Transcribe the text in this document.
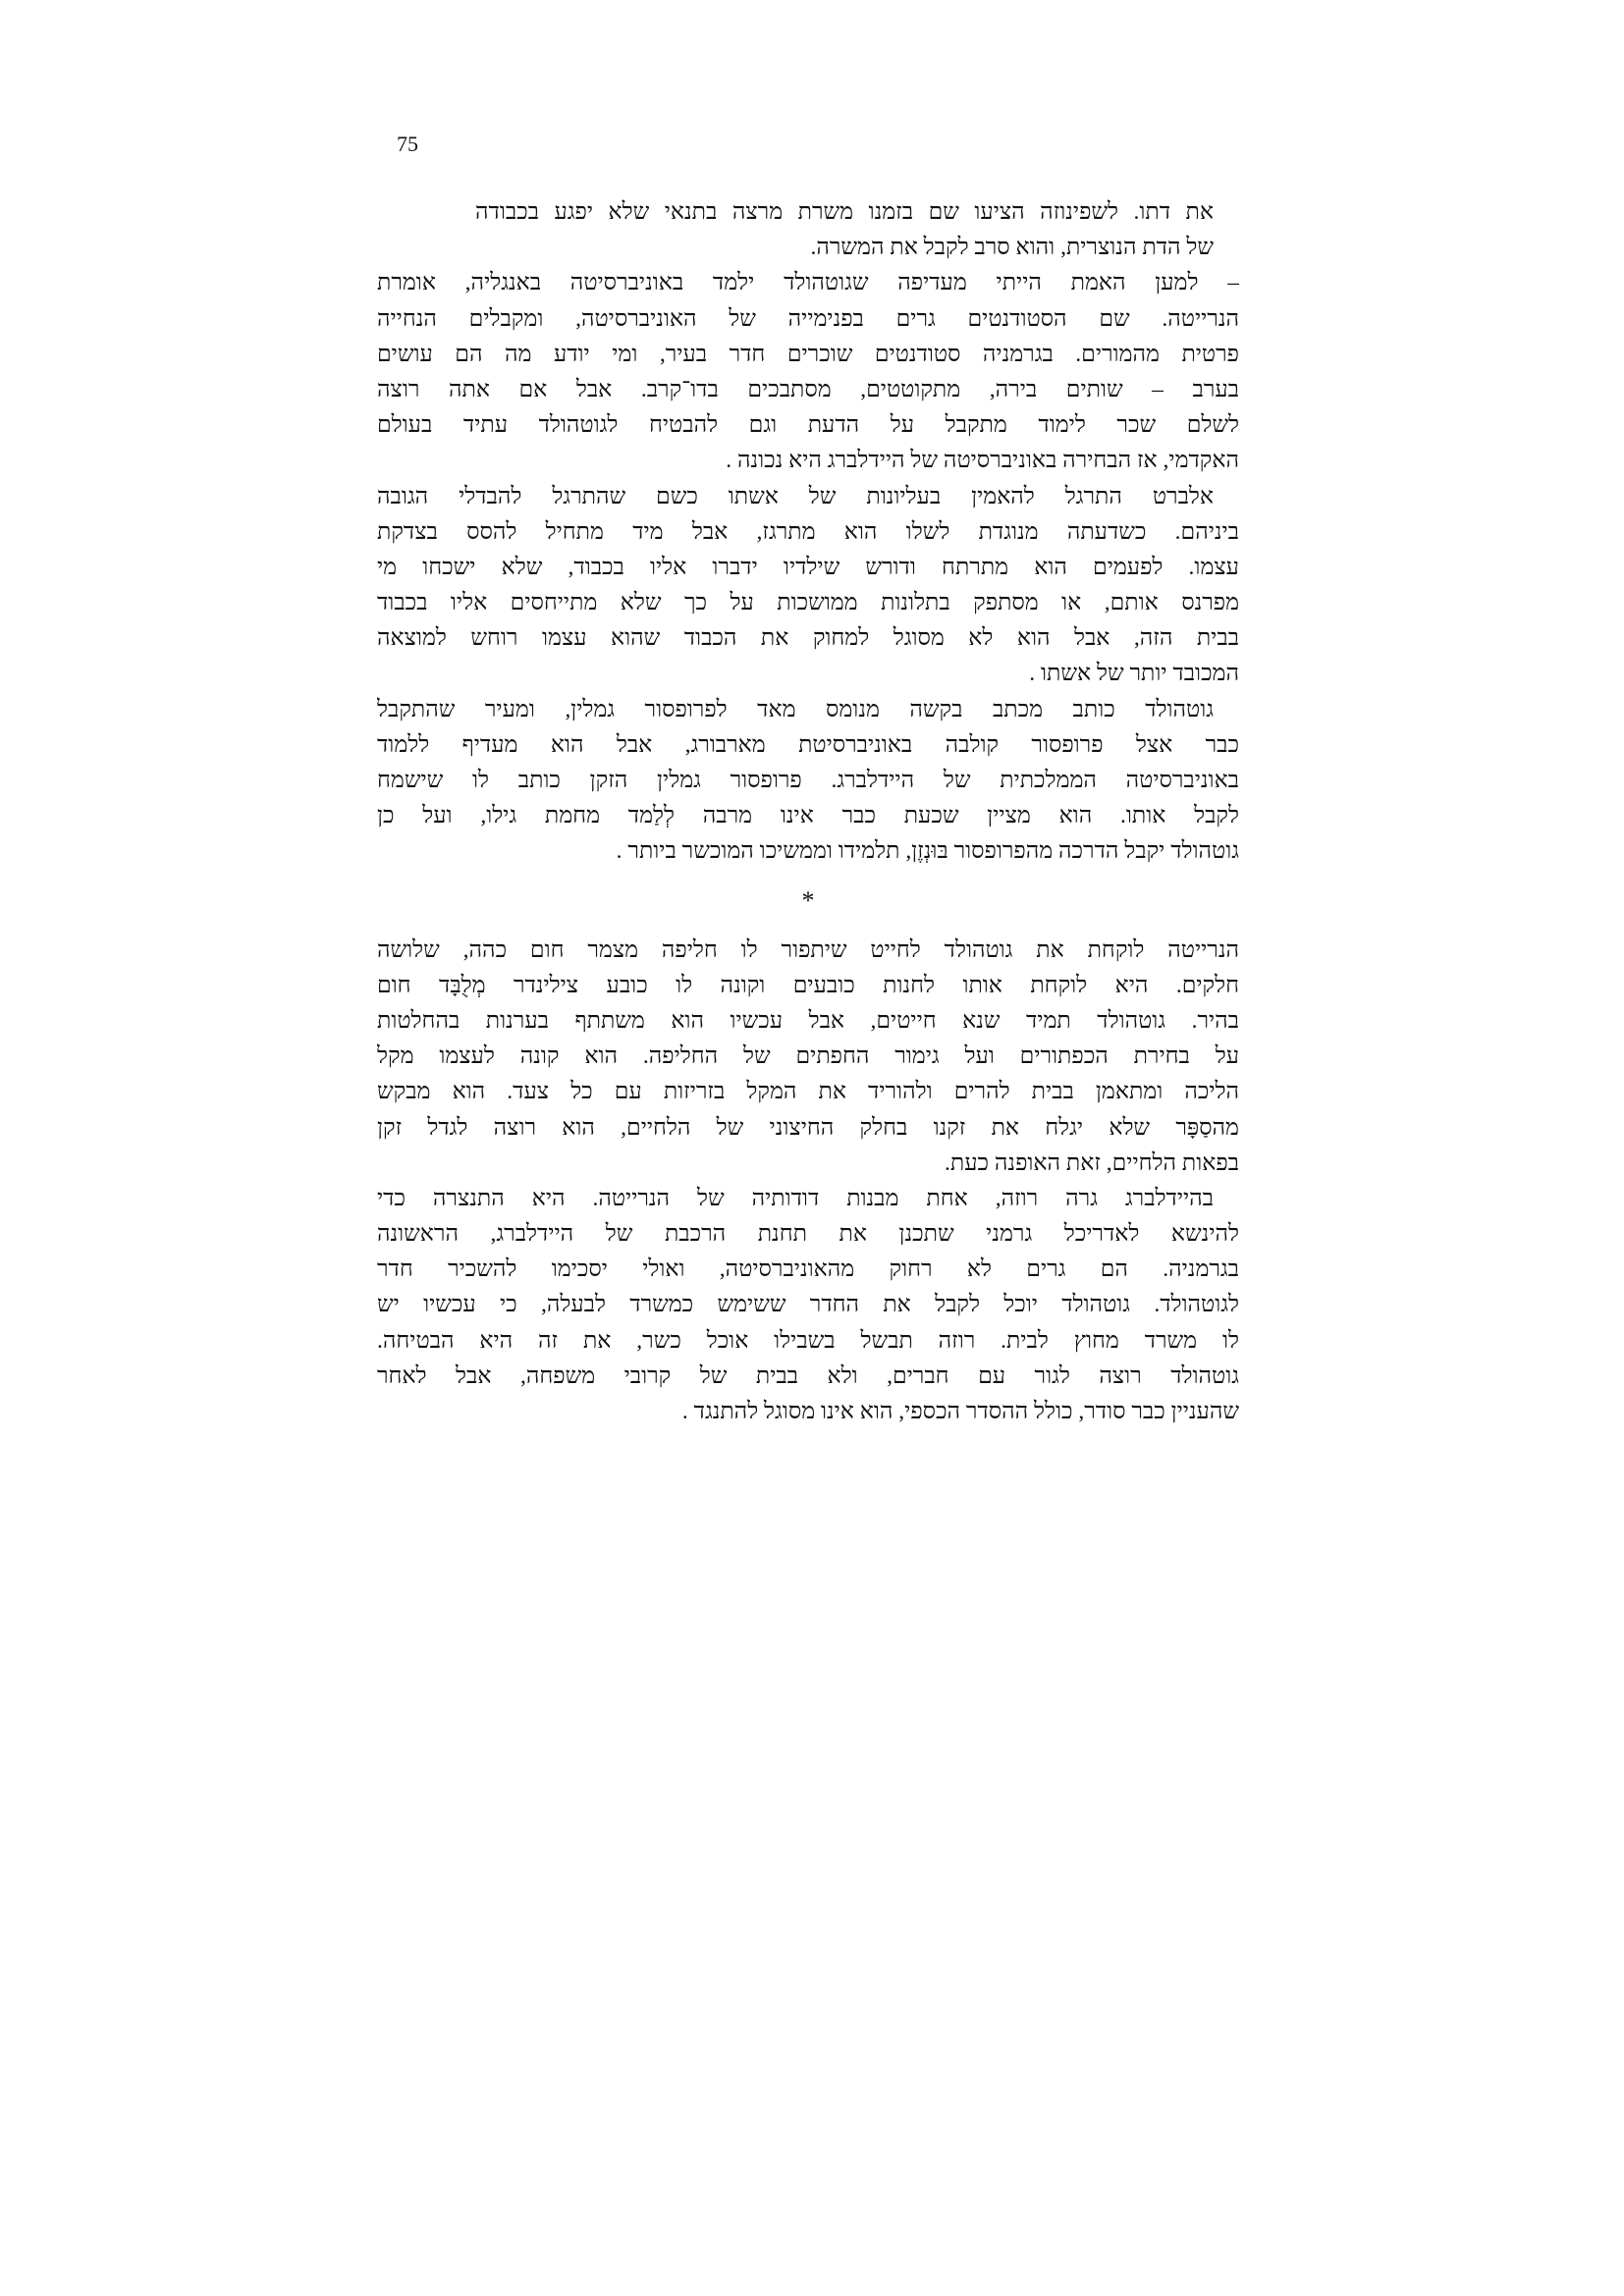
75
את דתו. לשפינוזה הציעו שם בזמנו משרת מרצה בתנאי שלא יפגע בכבודה
של הדת הנוצרית, והוא סרב לקבל את המשרה.
– למען האמת הייתי מעדיפה שגוטהולד ילמד באוניברסיטה באנגליה, אומרת
הנרייטה. שם הסטודנטים גרים בפנימייה של האוניברסיטה, ומקבלים הנחייה
פרטית מהמורים. בגרמניה סטודנטים שוכרים חדר בעיר, ומי יודע מה הם עושים
בערב – שותים בירה, מתקוטטים, מסתבכים בדו־קרב. אבל אם אתה רוצה
לשלם שכר לימוד מתקבל על הדעת וגם להבטיח לגוטהולד עתיד בעולם
האקדמי, אז הבחירה באוניברסיטה של היידלברג היא נכונה .
אלברט התרגל להאמין בעליונות של אשתו כשם שהתרגל להבדלי הגובה
ביניהם. כשדעתה מנוגדת לשלו הוא מתרגז, אבל מיד מתחיל להסס בצדקת
עצמו. לפעמים הוא מתרתח ודורש שילדיו ידברו אליו בכבוד, שלא ישכחו מי
מפרנס אותם, או מסתפק בתלונות ממושכות על כך שלא מתייחסים אליו בכבוד
בבית הזה, אבל הוא לא מסוגל למחוק את הכבוד שהוא עצמו רוחש למוצאה
המכובד יותר של אשתו .
גוטהולד כותב מכתב בקשה מנומס מאד לפרופסור גמלין, ומעיר שהתקבל
כבר אצל פרופסור קולבה באוניברסיטת מארבורג, אבל הוא מעדיף ללמוד
באוניברסיטה הממלכתית של היידלברג. פרופסור גמלין הזקן כותב לו שישמח
לקבל אותו. הוא מציין שכעת כבר אינו מרבה לְלַמד מחמת גילו, ועל כן
גוטהולד יקבל הדרכה מהפרופסור בּוּנְזֶן, תלמידו וממשיכו המוכשר ביותר .
*
הנרייטה לוקחת את גוטהולד לחייט שיתפור לו חליפה מצמר חום כהה, שלושה
חלקים. היא לוקחת אותו לחנות כובעים וקונה לו כובע צילינדר מְלֻבָּד חום
בהיר. גוטהולד תמיד שנא חייטים, אבל עכשיו הוא משתתף בערנות בהחלטות
על בחירת הכפתורים ועל גימור החפתים של החליפה. הוא קונה לעצמו מקל
הליכה ומתאמן בבית להרים ולהוריד את המקל בזריזות עם כל צעד. הוא מבקש
מהסַפָּר שלא יגלח את זקנו בחלק החיצוני של הלחיים, הוא רוצה לגדל זקן
בפאות הלחיים, זאת האופנה כעת.
בהיידלברג גרה רוזה, אחת מבנות דודותיה של הנרייטה. היא התנצרה כדי
להינשא לאדריכל גרמני שתכנן את תחנת הרכבת של היידלברג, הראשונה
בגרמניה. הם גרים לא רחוק מהאוניברסיטה, ואולי יסכימו להשכיר חדר
לגוטהולד. גוטהולד יוכל לקבל את החדר ששימש כמשרד לבעלה, כי עכשיו יש
לו משרד מחוץ לבית. רוזה תבשל בשבילו אוכל כשר, את זה היא הבטיחה.
גוטהולד רוצה לגור עם חברים, ולא בבית של קרובי משפחה, אבל לאחר
שהעניין כבר סודר, כולל ההסדר הכספי, הוא אינו מסוגל להתנגד .
